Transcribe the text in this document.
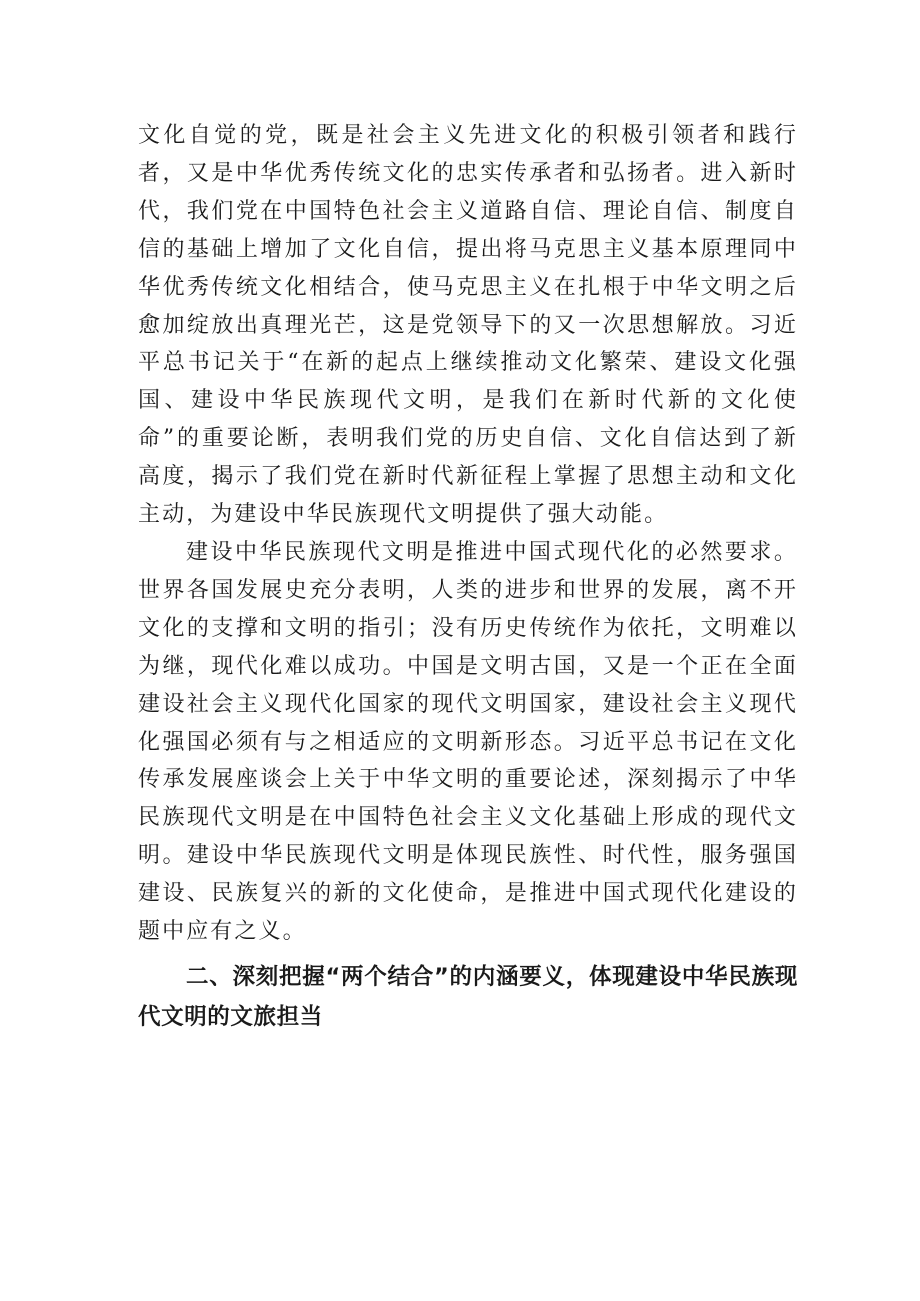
文化自觉的党，既是社会主义先进文化的积极引领者和践行者，又是中华优秀传统文化的忠实传承者和弘扬者。进入新时代，我们党在中国特色社会主义道路自信、理论自信、制度自信的基础上增加了文化自信，提出将马克思主义基本原理同中华优秀传统文化相结合，使马克思主义在扎根于中华文明之后愈加绽放出真理光芒，这是党领导下的又一次思想解放。习近平总书记关于“在新的起点上继续推动文化繁荣、建设文化强国、建设中华民族现代文明，是我们在新时代新的文化使命”的重要论断，表明我们党的历史自信、文化自信达到了新高度，揭示了我们党在新时代新征程上掌握了思想主动和文化主动，为建设中华民族现代文明提供了强大动能。

建设中华民族现代文明是推进中国式现代化的必然要求。世界各国发展史充分表明，人类的进步和世界的发展，离不开文化的支撑和文明的指引；没有历史传统作为依托，文明难以为继，现代化难以成功。中国是文明古国，又是一个正在全面建设社会主义现代化国家的现代文明国家，建设社会主义现代化强国必须有与之相适应的文明新形态。习近平总书记在文化传承发展座谈会上关于中华文明的重要论述，深刻揭示了中华民族现代文明是在中国特色社会主义文化基础上形成的现代文明。建设中华民族现代文明是体现民族性、时代性，服务强国建设、民族复兴的新的文化使命，是推进中国式现代化建设的题中应有之义。

二、深刻把握“两个结合”的内涵要义，体现建设中华民族现代文明的文旅担当
